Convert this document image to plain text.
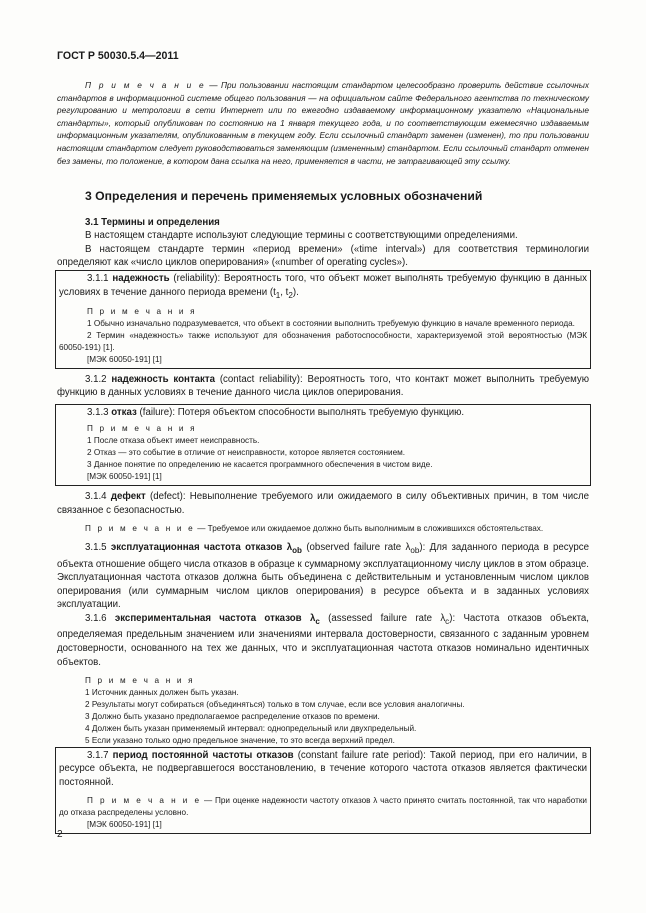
ГОСТ Р 50030.5.4—2011

П р и м е ч а н и е — При пользовании настоящим стандартом целесообразно проверить действие ссылочных стандартов в информационной системе общего пользования — на официальном сайте Федерального агентства по техническому регулированию и метрологии в сети Интернет или по ежегодно издаваемому информационному указателю «Национальные стандарты», который опубликован по состоянию на 1 января текущего года, и по соответствующим ежемесячно издаваемым информационным указателям, опубликованным в текущем году. Если ссылочный стандарт заменен (изменен), то при пользовании настоящим стандартом следует руководствоваться заменяющим (измененным) стандартом. Если ссылочный стандарт отменен без замены, то положение, в котором дана ссылка на него, применяется в части, не затрагивающей эту ссылку.

3 Определения и перечень применяемых условных обозначений

3.1 Термины и определения

В настоящем стандарте используют следующие термины с соответствующими определениями.

В настоящем стандарте термин «период времени» («time interval») для соответствия терминологии определяют как «число циклов оперирования» («number of operating cycles»).

3.1.1 надежность (reliability): Вероятность того, что объект может выполнять требуемую функцию в данных условиях в течение данного периода времени ($t_1$, $t_2$).

П р и м е ч а н и я

1 Обычно изначально подразумевается, что объект в состоянии выполнить требуемую функцию в начале временного периода.

2 Термин «надежность» также используют для обозначения работоспособности, характеризуемой этой вероятностью (МЭК 60050-191) [1].

[МЭК 60050-191] [1]

3.1.2 надежность контакта (contact reliability): Вероятность того, что контакт может выполнить требуемую функцию в данных условиях в течение данного числа циклов оперирования.

3.1.3 отказ (failure): Потеря объектом способности выполнять требуемую функцию.

П р и м е ч а н и я

1 После отказа объект имеет неисправность.

2 Отказ — это событие в отличие от неисправности, которое является состоянием.

3 Данное понятие по определению не касается программного обеспечения в чистом виде.

[МЭК 60050-191] [1]

3.1.4 дефект (defect): Невыполнение требуемого или ожидаемого в силу объективных причин, в том числе связанное с безопасностью.

П р и м е ч а н и е — Требуемое или ожидаемое должно быть выполнимым в сложившихся обстоятельствах.

3.1.5 эксплуатационная частота отказов $\lambda_{ob}$ (observed failure rate $\lambda_{ob}$): Для заданного периода в ресурсе объекта отношение общего числа отказов в образце к суммарному эксплуатационному числу циклов в этом образце. Эксплуатационная частота отказов должна быть объединена с действительным и установленным числом циклов оперирования (или суммарным числом циклов оперирования) в ресурсе объекта и в заданных условиях эксплуатации.

3.1.6 экспериментальная частота отказов $\lambda_c$ (assessed failure rate $\lambda_c$): Частота отказов объекта, определяемая предельным значением или значениями интервала достоверности, связанного с заданным уровнем достоверности, основанного на тех же данных, что и эксплуатационная частота отказов номинально идентичных объектов.

П р и м е ч а н и я

1 Источник данных должен быть указан.

2 Результаты могут собираться (объединяться) только в том случае, если все условия аналогичны.

3 Должно быть указано предполагаемое распределение отказов по времени.

4 Должен быть указан применяемый интервал: однопредельный или двухпредельный.

5 Если указано только одно предельное значение, то это всегда верхний предел.

3.1.7 период постоянной частоты отказов (constant failure rate period): Такой период, при его наличии, в ресурсе объекта, не подвергавшегося восстановлению, в течение которого частота отказов является фактически постоянной.

П р и м е ч а н и е — При оценке надежности частоту отказов λ часто принято считать постоянной, так что наработки до отказа распределены условно.

[МЭК 60050-191] [1]

2
